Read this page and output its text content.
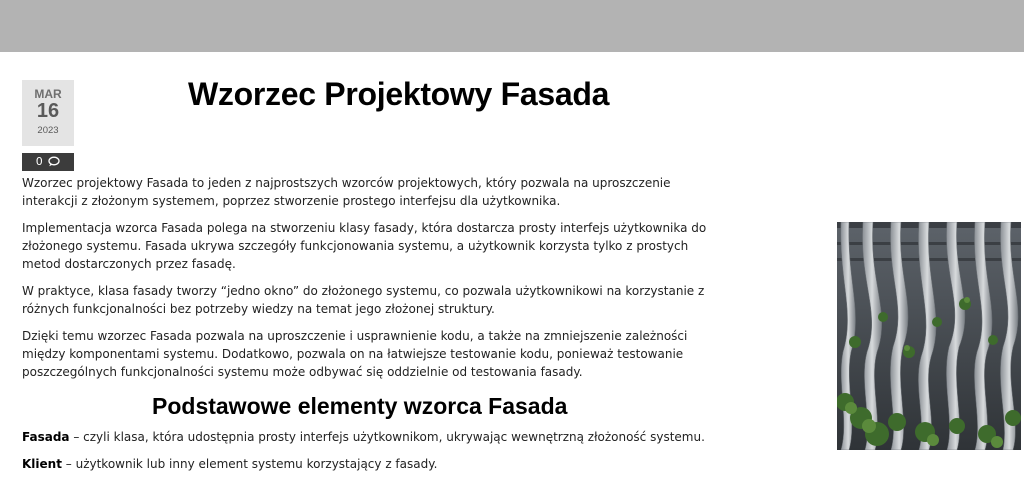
MAR
16
2023
0
Wzorzec Projektowy Fasada

Wzorzec projektowy Fasada to jeden z najprostszych wzorców projektowych, który pozwala na uproszczenie interakcji z złożonym systemem, poprzez stworzenie prostego interfejsu dla użytkownika.

Implementacja wzorca Fasada polega na stworzeniu klasy fasady, która dostarcza prosty interfejs użytkownika do złożonego systemu. Fasada ukrywa szczegóły funkcjonowania systemu, a użytkownik korzysta tylko z prostych metod dostarczonych przez fasadę.

W praktyce, klasa fasady tworzy “jedno okno” do złożonego systemu, co pozwala użytkownikowi na korzystanie z różnych funkcjonalności bez potrzeby wiedzy na temat jego złożonej struktury.

Dzięki temu wzorzec Fasada pozwala na uproszczenie i usprawnienie kodu, a także na zmniejszenie zależności między komponentami systemu. Dodatkowo, pozwala on na łatwiejsze testowanie kodu, ponieważ testowanie poszczególnych funkcjonalności systemu może odbywać się oddzielnie od testowania fasady.

Podstawowe elementy wzorca Fasada

Fasada – czyli klasa, która udostępnia prosty interfejs użytkownikom, ukrywając wewnętrzną złożoność systemu.

Klient – użytkownik lub inny element systemu korzystający z fasady.
